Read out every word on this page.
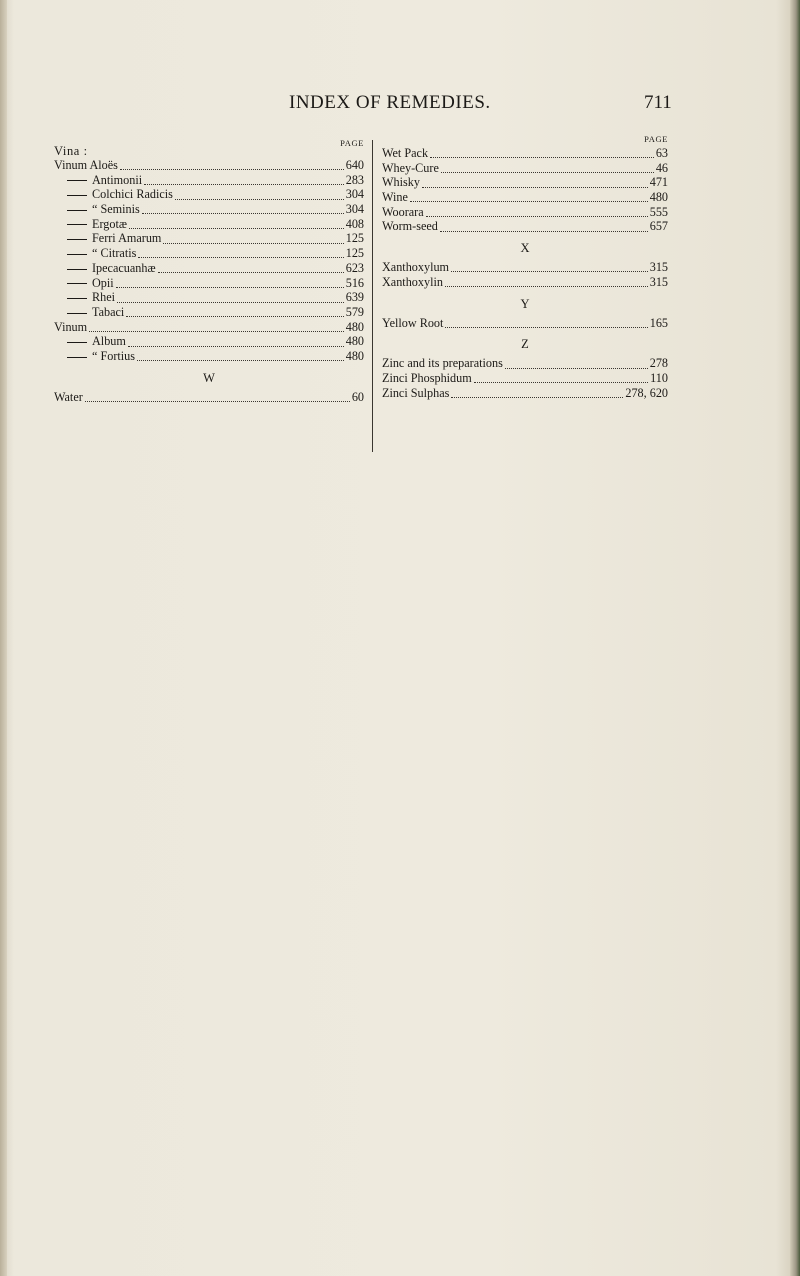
INDEX OF REMEDIES.	711
PAGE
Vina :
Vinum Aloës	640
Antimonii	283
Colchici Radicis	304
“ Seminis	304
Ergotæ	408
Ferri Amarum	125
“ Citratis	125
Ipecacuanhæ	623
Opii	516
Rhei	639
Tabaci	579
Vinum	480
Album	480
“ Fortius	480
W
Water	60
PAGE
Wet Pack	63
Whey-Cure	46
Whisky	471
Wine	480
Woorara	555
Worm-seed	657
X
Xanthoxylum	315
Xanthoxylin	315
Y
Yellow Root	165
Z
Zinc and its preparations	278
Zinci Phosphidum	110
Zinci Sulphas	278, 620
